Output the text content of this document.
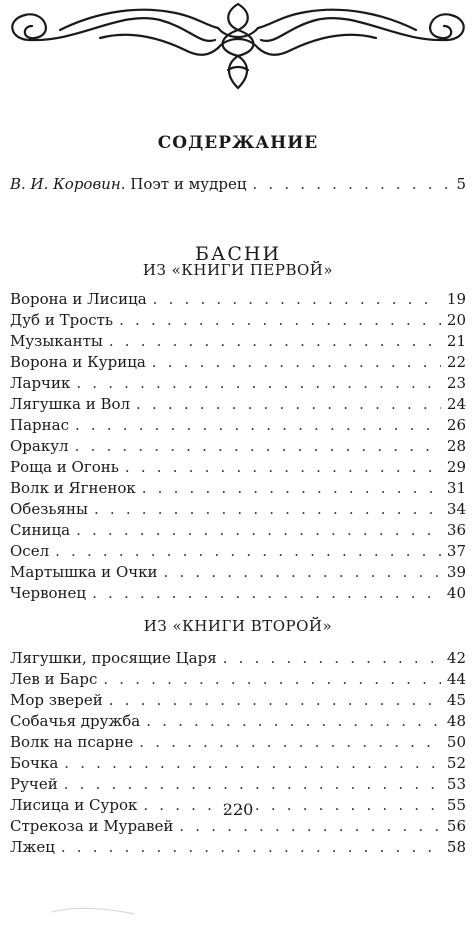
СОДЕРЖАНИЕ
В. И. Коровин. Поэт и мудрец . . .	5
БАСНИ
ИЗ «КНИГИ ПЕРВОЙ»
Ворона и Лисица . . .	19
Дуб и Трость . . .	20
Музыканты . . .	21
Ворона и Курица . . .	22
Ларчик . . .	23
Лягушка и Вол . . .	24
Парнас . . .	26
Оракул . . .	28
Роща и Огонь . . .	29
Волк и Ягненок . . .	31
Обезьяны . . .	34
Синица . . .	36
Осел . . .	37
Мартышка и Очки . . .	39
Червонец . . .	40
ИЗ «КНИГИ ВТОРОЙ»
Лягушки, просящие Царя . . .	42
Лев и Барс . . .	44
Мор зверей . . .	45
Собачья дружба . . .	48
Волк на псарне . . .	50
Бочка . . .	52
Ручей . . .	53
Лисица и Сурок . . .	55
Стрекоза и Муравей . . .	56
Лжец . . .	58
220
